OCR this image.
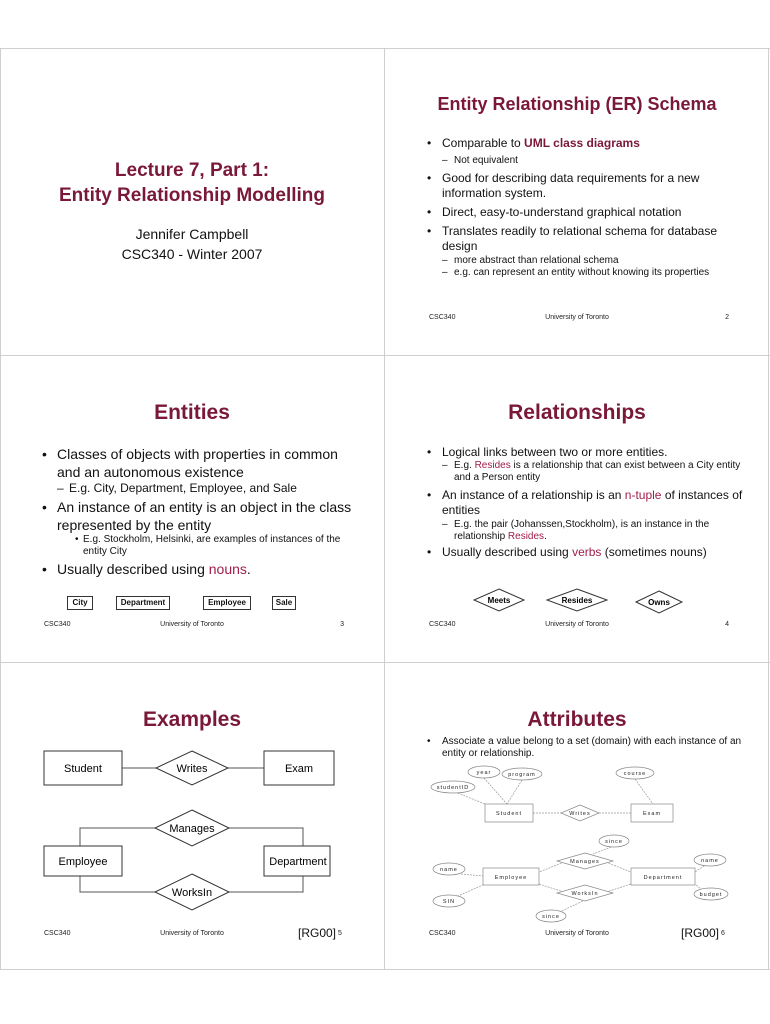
Lecture 7, Part 1:
Entity Relationship Modelling
Jennifer Campbell
CSC340 - Winter 2007
Entity Relationship (ER) Schema
• Comparable to UML class diagrams
– Not equivalent
• Good for describing data requirements for a new information system.
• Direct, easy-to-understand graphical notation
• Translates readily to relational schema for database design
– more abstract than relational schema
– e.g. can represent an entity without knowing its properties
CSC340	University of Toronto	2
Entities
• Classes of objects with properties in common and an autonomous existence
– E.g. City, Department, Employee, and Sale
• An instance of an entity is an object in the class represented by the entity
• E.g. Stockholm, Helsinki, are examples of instances of the entity City
• Usually described using nouns.
City	Department	Employee	Sale
CSC340	University of Toronto	3
Relationships
• Logical links between two or more entities.
– E.g. Resides is a relationship that can exist between a City entity and a Person entity
• An instance of a relationship is an n-tuple of instances of entities
– E.g. the pair (Johanssen,Stockholm), is an instance in the relationship Resides.
• Usually described using verbs (sometimes nouns)
Meets	Resides	Owns
CSC340	University of Toronto	4
Examples
Student	Writes	Exam
Manages
Employee	Department
WorksIn
CSC340	University of Toronto	[RG00] 5
Attributes
• Associate a value belong to a set (domain) with each instance of an entity or relationship.
year	program	course
studentID
Student	Writes	Exam
since
Manages	name
name
Employee	Department
WorksIn	budget
SIN
since
CSC340	University of Toronto	[RG00] 6
